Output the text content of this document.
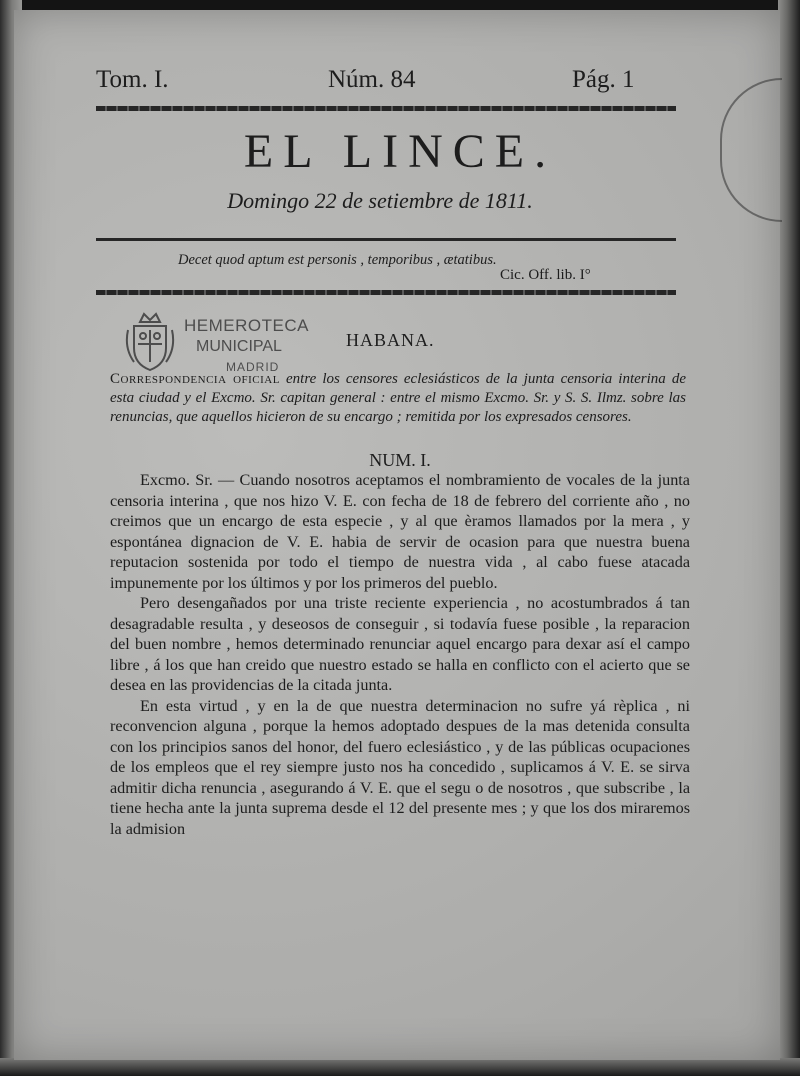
Tom. I.	Núm. 84	Pág. 1
EL LINCE.
Domingo 22 de setiembre de 1811.
Decet quod aptum est personis , temporibus , ætatibus.
Cic. Off. lib. I°
HEMEROTECA
MUNICIPAL
MADRID
HABANA.
Correspondencia oficial entre los censores eclesiásticos de la junta censoria interina de esta ciudad y el Excmo. Sr. capitan general : entre el mismo Excmo. Sr. y S. S. Ilmz. sobre las renuncias, que aquellos hicieron de su encargo ; remitida por los expresados censores.
NUM. I.

Excmo. Sr. — Cuando nosotros aceptamos el nombramiento de vocales de la junta censoria interina , que nos hizo V. E. con fecha de 18 de febrero del corriente año , no creimos que un encargo de esta especie , y al que èramos llamados por la mera , y espontánea dignacion de V. E. habia de servir de ocasion para que nuestra buena reputacion sostenida por todo el tiempo de nuestra vida , al cabo fuese atacada impunemente por los últimos y por los primeros del pueblo.

Pero desengañados por una triste reciente experiencia , no acostumbrados á tan desagradable resulta , y deseosos de conseguir , si todavía fuese posible , la reparacion del buen nombre , hemos determinado renunciar aquel encargo para dexar así el campo libre , á los que han creido que nuestro estado se halla en conflicto con el acierto que se desea en las providencias de la citada junta.

En esta virtud , y en la de que nuestra determinacion no sufre yá rèplica , ni reconvencion alguna , porque la hemos adoptado despues de la mas detenida consulta con los principios sanos del honor, del fuero eclesiástico , y de las públicas ocupaciones de los empleos que el rey siempre justo nos ha concedido , suplicamos á V. E. se sirva admitir dicha renuncia , asegurando á V. E. que el segu o de nosotros , que subscribe , la tiene hecha ante la junta suprema desde el 12 del presente mes ; y que los dos miraremos la admision
